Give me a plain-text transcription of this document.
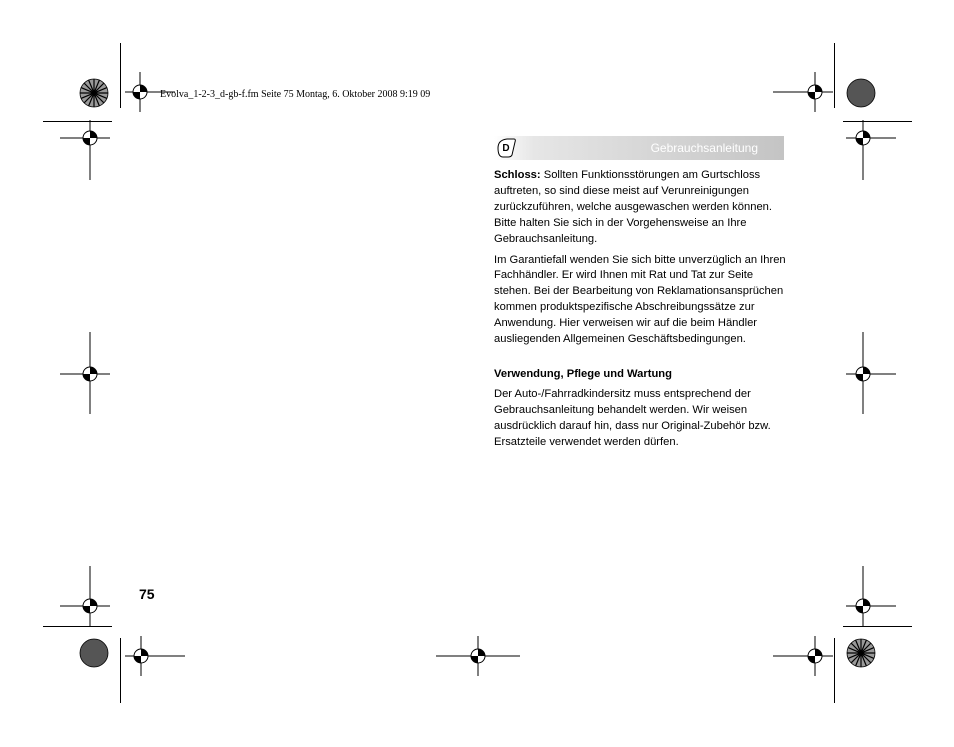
Evolva_1-2-3_d-gb-f.fm Seite 75 Montag, 6. Oktober 2008 9:19 09
D	Gebrauchsanleitung

Schloss: Sollten Funktionsstörungen am Gurtschloss auftreten, so sind diese meist auf Verunreinigungen zurückzuführen, welche ausgewaschen werden können. Bitte halten Sie sich in der Vorgehensweise an Ihre Gebrauchsanleitung.

Im Garantiefall wenden Sie sich bitte unverzüglich an Ihren Fachhändler. Er wird Ihnen mit Rat und Tat zur Seite stehen. Bei der Bearbeitung von Reklamationsansprüchen kommen produktspezifische Abschreibungssätze zur Anwendung. Hier verweisen wir auf die beim Händler ausliegenden Allgemeinen Geschäftsbedingungen.

Verwendung, Pflege und Wartung

Der Auto-/Fahrradkindersitz muss entsprechend der Gebrauchsanleitung behandelt werden. Wir weisen ausdrücklich darauf hin, dass nur Original-Zubehör bzw. Ersatzteile verwendet werden dürfen.

75
